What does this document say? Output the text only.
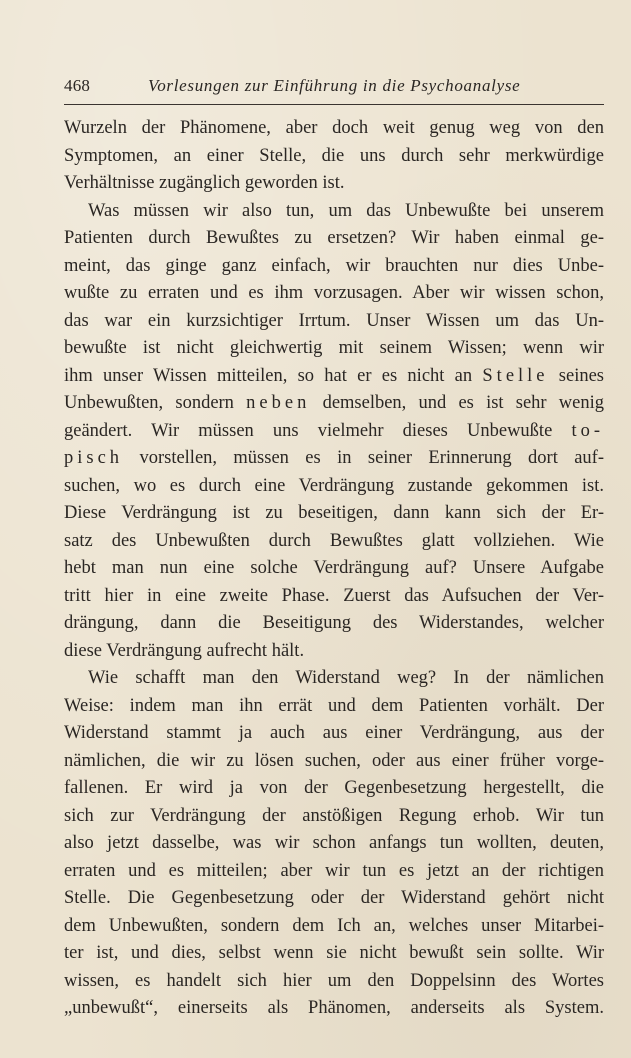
468	Vorlesungen zur Einführung in die Psychoanalyse
Wurzeln der Phänomene, aber doch weit genug weg von den
Symptomen, an einer Stelle, die uns durch sehr merkwürdige
Verhältnisse zugänglich geworden ist.
Was müssen wir also tun, um das Unbewußte bei unserem
Patienten durch Bewußtes zu ersetzen? Wir haben einmal ge-
meint, das ginge ganz einfach, wir brauchten nur dies Unbe-
wußte zu erraten und es ihm vorzusagen. Aber wir wissen schon,
das war ein kurzsichtiger Irrtum. Unser Wissen um das Un-
bewußte ist nicht gleichwertig mit seinem Wissen; wenn wir
ihm unser Wissen mitteilen, so hat er es nicht an Stelle seines
Unbewußten, sondern neben demselben, und es ist sehr wenig
geändert. Wir müssen uns vielmehr dieses Unbewußte to-
pisch vorstellen, müssen es in seiner Erinnerung dort auf-
suchen, wo es durch eine Verdrängung zustande gekommen ist.
Diese Verdrängung ist zu beseitigen, dann kann sich der Er-
satz des Unbewußten durch Bewußtes glatt vollziehen. Wie
hebt man nun eine solche Verdrängung auf? Unsere Aufgabe
tritt hier in eine zweite Phase. Zuerst das Aufsuchen der Ver-
drängung, dann die Beseitigung des Widerstandes, welcher
diese Verdrängung aufrecht hält.
Wie schafft man den Widerstand weg? In der nämlichen
Weise: indem man ihn errät und dem Patienten vorhält. Der
Widerstand stammt ja auch aus einer Verdrängung, aus der
nämlichen, die wir zu lösen suchen, oder aus einer früher vorge-
fallenen. Er wird ja von der Gegenbesetzung hergestellt, die
sich zur Verdrängung der anstößigen Regung erhob. Wir tun
also jetzt dasselbe, was wir schon anfangs tun wollten, deuten,
erraten und es mitteilen; aber wir tun es jetzt an der richtigen
Stelle. Die Gegenbesetzung oder der Widerstand gehört nicht
dem Unbewußten, sondern dem Ich an, welches unser Mitarbei-
ter ist, und dies, selbst wenn sie nicht bewußt sein sollte. Wir
wissen, es handelt sich hier um den Doppelsinn des Wortes
„unbewußt“, einerseits als Phänomen, anderseits als System.
